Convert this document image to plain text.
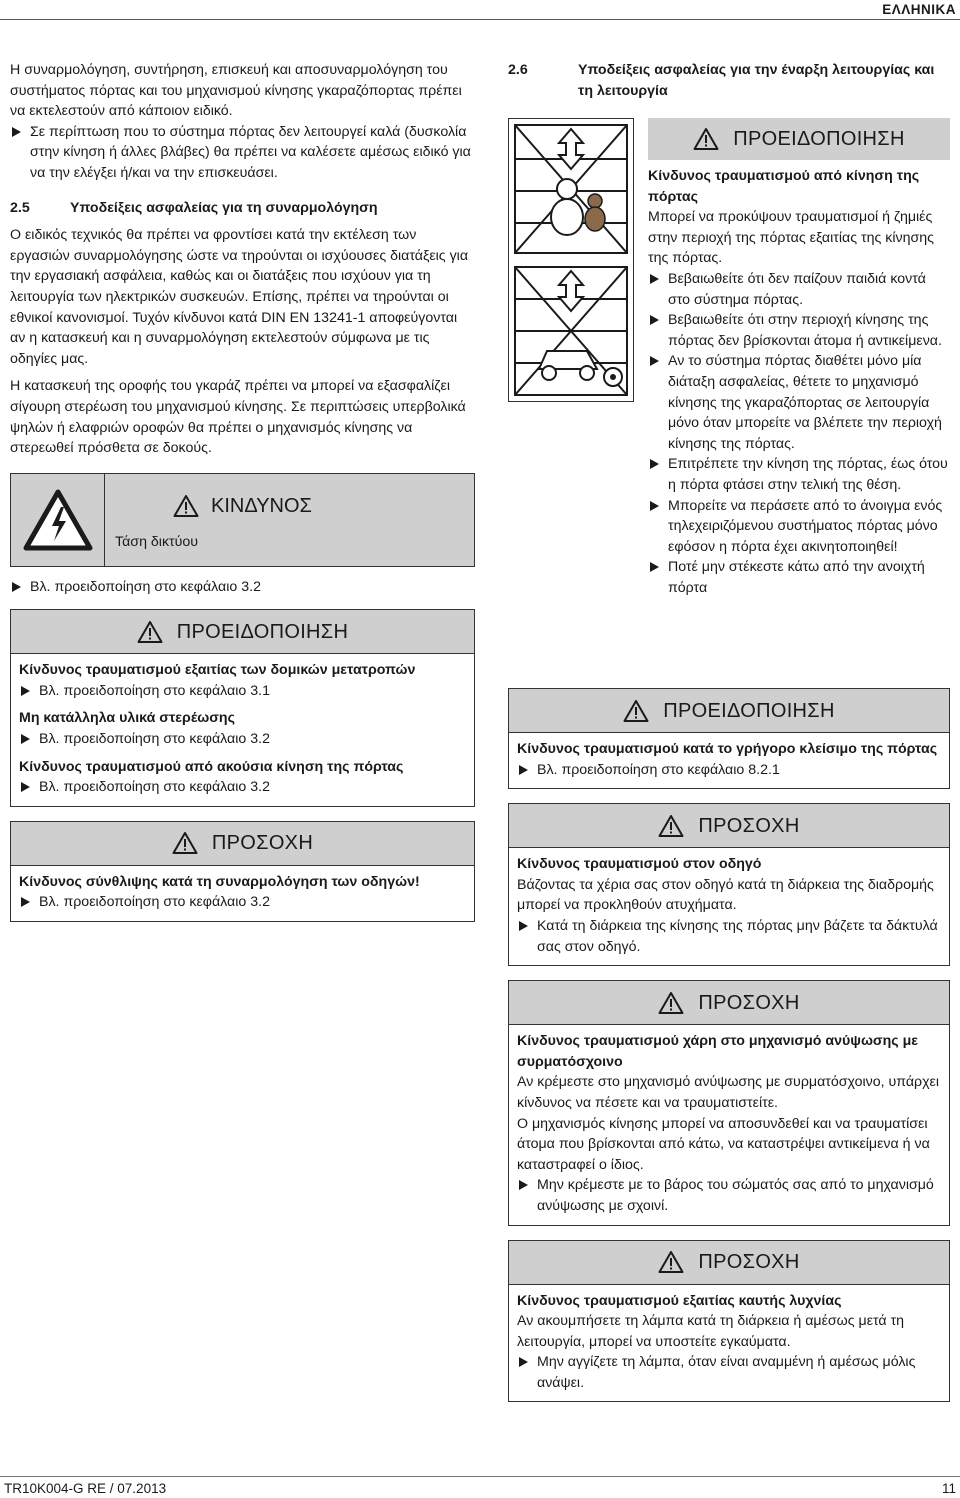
ΕΛΛΗΝΙΚΑ

Η συναρμολόγηση, συντήρηση, επισκευή και αποσυναρμολόγηση του συστήματος πόρτας και του μηχανισμού κίνησης γκαραζόπορτας πρέπει να εκτελεστούν από κάποιον ειδικό.

Σε περίπτωση που το σύστημα πόρτας δεν λειτουργεί καλά (δυσκολία στην κίνηση ή άλλες βλάβες) θα πρέπει να καλέσετε αμέσως ειδικό για να την ελέγξει ή/και να την επισκευάσει.
2.5	Υποδείξεις ασφαλείας για τη συναρμολόγηση

Ο ειδικός τεχνικός θα πρέπει να φροντίσει κατά την εκτέλεση των εργασιών συναρμολόγησης ώστε να τηρούνται οι ισχύουσες διατάξεις για την εργασιακή ασφάλεια, καθώς και οι διατάξεις που ισχύουν για τη λειτουργία των ηλεκτρικών συσκευών. Επίσης, πρέπει να τηρούνται οι εθνικοί κανονισμοί. Τυχόν κίνδυνοι κατά DIN EN 13241-1 αποφεύγονται αν η κατασκευή και η συναρμολόγηση εκτελεστούν σύμφωνα με τις οδηγίες μας.

Η κατασκευή της οροφής του γκαράζ πρέπει να μπορεί να εξασφαλίζει σίγουρη στερέωση του μηχανισμού κίνησης. Σε περιπτώσεις υπερβολικά ψηλών ή ελαφριών οροφών θα πρέπει ο μηχανισμός κίνησης να στερεωθεί πρόσθετα σε δοκούς.

ΚΙΝΔΥΝΟΣ
Τάση δικτύου
Βλ. προειδοποίηση στο κεφάλαιο 3.2
ΠΡΟΕΙΔΟΠΟΙΗΣΗ

Κίνδυνος τραυματισμού εξαιτίας των δομικών μετατροπών

Βλ. προειδοποίηση στο κεφάλαιο 3.1

Μη κατάλληλα υλικά στερέωσης

Βλ. προειδοποίηση στο κεφάλαιο 3.2

Κίνδυνος τραυματισμού από ακούσια κίνηση της πόρτας

Βλ. προειδοποίηση στο κεφάλαιο 3.2
ΠΡΟΣΟΧΗ

Κίνδυνος σύνθλιψης κατά τη συναρμολόγηση των οδηγών!

Βλ. προειδοποίηση στο κεφάλαιο 3.2
2.6	Υποδείξεις ασφαλείας για την έναρξη λειτουργίας και τη λειτουργία
ΠΡΟΕΙΔΟΠΟΙΗΣΗ

Κίνδυνος τραυματισμού από κίνηση της πόρτας

Μπορεί να προκύψουν τραυματισμοί ή ζημιές στην περιοχή της πόρτας εξαιτίας της κίνησης της πόρτας.

Βεβαιωθείτε ότι δεν παίζουν παιδιά κοντά στο σύστημα πόρτας.
Βεβαιωθείτε ότι στην περιοχή κίνησης της πόρτας δεν βρίσκονται άτομα ή αντικείμενα.
Αν το σύστημα πόρτας διαθέτει μόνο μία διάταξη ασφαλείας, θέτετε το μηχανισμό κίνησης της γκαραζόπορτας σε λειτουργία μόνο όταν μπορείτε να βλέπετε την περιοχή κίνησης της πόρτας.
Επιτρέπετε την κίνηση της πόρτας, έως ότου η πόρτα φτάσει στην τελική της θέση.
Μπορείτε να περάσετε από το άνοιγμα ενός τηλεχειριζόμενου συστήματος πόρτας μόνο εφόσον η πόρτα έχει ακινητοποιηθεί!
Ποτέ μην στέκεστε κάτω από την ανοιχτή πόρτα
ΠΡΟΕΙΔΟΠΟΙΗΣΗ

Κίνδυνος τραυματισμού κατά το γρήγορο κλείσιμο της πόρτας

Βλ. προειδοποίηση στο κεφάλαιο 8.2.1
ΠΡΟΣΟΧΗ

Κίνδυνος τραυματισμού στον οδηγό

Βάζοντας τα χέρια σας στον οδηγό κατά τη διάρκεια της διαδρομής μπορεί να προκληθούν ατυχήματα.

Κατά τη διάρκεια της κίνησης της πόρτας μην βάζετε τα δάκτυλά σας στον οδηγό.
ΠΡΟΣΟΧΗ

Κίνδυνος τραυματισμού χάρη στο μηχανισμό ανύψωσης με συρματόσχοινο

Αν κρέμεστε στο μηχανισμό ανύψωσης με συρματόσχοινο, υπάρχει κίνδυνος να πέσετε και να τραυματιστείτε.

Ο μηχανισμός κίνησης μπορεί να αποσυνδεθεί και να τραυματίσει άτομα που βρίσκονται από κάτω, να καταστρέψει αντικείμενα ή να καταστραφεί ο ίδιος.

Μην κρέμεστε με το βάρος του σώματός σας από το μηχανισμό ανύψωσης με σχοινί.
ΠΡΟΣΟΧΗ

Κίνδυνος τραυματισμού εξαιτίας καυτής λυχνίας

Αν ακουμπήσετε τη λάμπα κατά τη διάρκεια ή αμέσως μετά τη λειτουργία, μπορεί να υποστείτε εγκαύματα.

Μην αγγίζετε τη λάμπα, όταν είναι αναμμένη ή αμέσως μόλις ανάψει.
TR10K004-G RE / 07.2013	11
